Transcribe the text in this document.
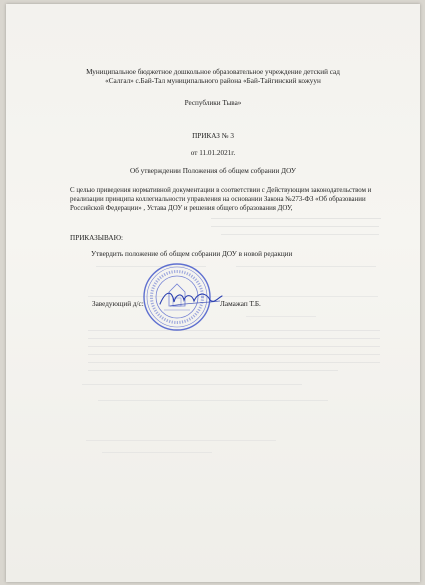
Муниципальное бюджетное дошкольное образовательное учреждение детский сад
«Салгал» с.Бай-Тал муниципального района «Бай-Тайгинский кожуун
Республики Тыва»
ПРИКАЗ № 3
от 11.01.2021г.
Об утверждении Положения об общем собрании ДОУ
С целью приведения нормативной документации в соответствии с Действующим законодательством и реализации принципа коллегиальности управления на основании Закона №273-ФЗ «Об образовании Российской Федерации» , Устава ДОУ и решения общего образования ДОУ,
ПРИКАЗЫВАЮ:
Утвердить положение об общем собрании ДОУ в новой редакции
Заведующий д/с:	Ламажап Т.Б.
